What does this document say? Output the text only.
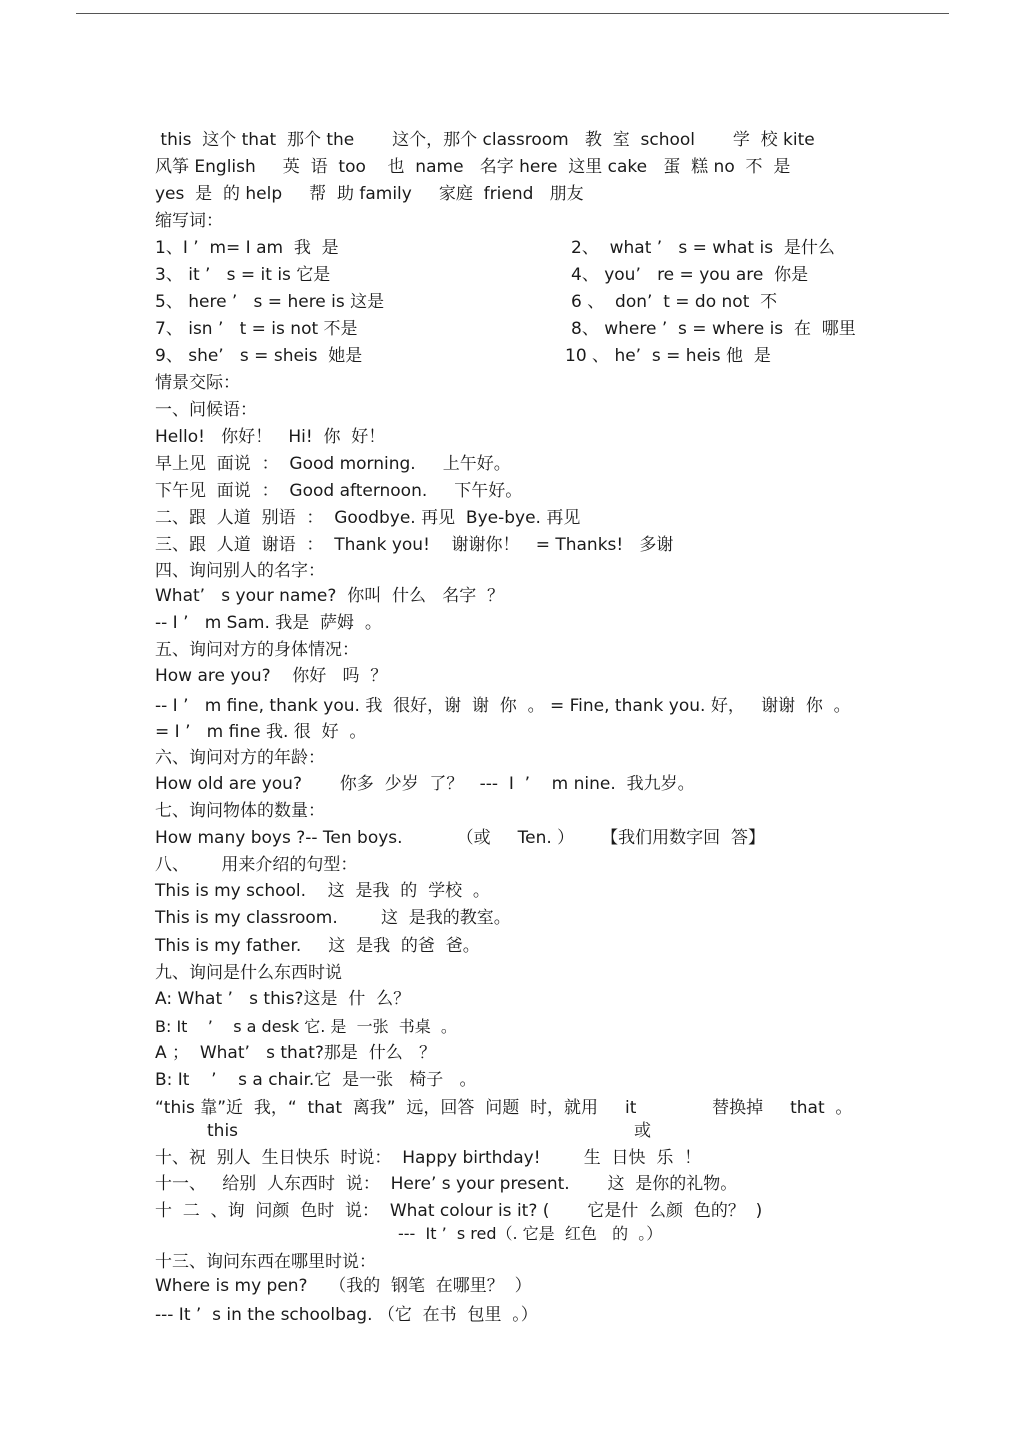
this  这个 that  那个 the       这个，那个 classroom   教  室  school       学  校 kite
风筝 English     英  语  too    也  name   名字 here  这里 cake   蛋  糕 no  不  是
yes  是  的 help     帮  助 family     家庭  friend   朋友
缩写词：
1、I ’  m= I am  我  是	2、  what ’   s = what is  是什么
3、 it ’   s = it is 它是	4、 you’   re = you are  你是
5、 here ’   s = here is 这是	6 、  don’  t = do not  不
7、 isn ’   t = is not 不是	8、 where ’  s = where is  在  哪里
9、 she’   s = sheis  她是	10 、 he’  s = heis 他  是
情景交际：
一、问候语：
Hello!   你好！   Hi!  你  好！
早上见  面说  ：  Good morning.     上午好。
下午见  面说  ：  Good afternoon.     下午好。
二、跟  人道  别语  ：  Goodbye. 再见  Bye-bye. 再见
三、跟  人道  谢语  ：  Thank you!    谢谢你！   = Thanks!   多谢
四、询问别人的名字：
What’   s your name?  你叫  什么   名字  ？
-- I ’   m Sam. 我是  萨姆  。
五、询问对方的身体情况：
How are you?    你好   吗  ？
-- I ’   m fine, thank you. 我  很好，谢  谢  你  。 = Fine, thank you. 好，   谢谢  你  。
= I ’   m fine 我. 很  好  。
六、询问对方的年龄：
How old are you?       你多  少岁  了？   ---  I  ’    m nine.  我九岁。
七、询问物体的数量：
How many boys ?-- Ten boys.          （或     Ten. ）     【我们用数字回  答】
八、      用来介绍的句型：
This is my school.    这  是我  的  学校  。
This is my classroom.        这  是我的教室。
This is my father.     这  是我  的爸  爸。
九、询问是什么东西时说
A: What ’   s this?这是  什  么？
B: It    ’    s a desk 它. 是  一张  书桌  。
A ；  What’   s that?那是  什么   ？
B: It    ’    s a chair.它  是一张   椅子   。
“this 靠”近  我，“  that  离我”  远，回答  问题  时，就用     it              替换掉     that  。
this	或
十、祝  别人  生日快乐  时说：  Happy birthday!        生  日快  乐  ！
十一、   给别  人东西时  说：  Here’ s your present.       这  是你的礼物。
十  二  、询  问颜  色时  说：  What colour is it? (       它是什  么颜  色的？  )
---  It ’  s red（. 它是  红色   的  。）
十三、询问东西在哪里时说：
Where is my pen?    （我的  钢笔  在哪里？  ）
--- It ’  s in the schoolbag. （它  在书  包里  。）
